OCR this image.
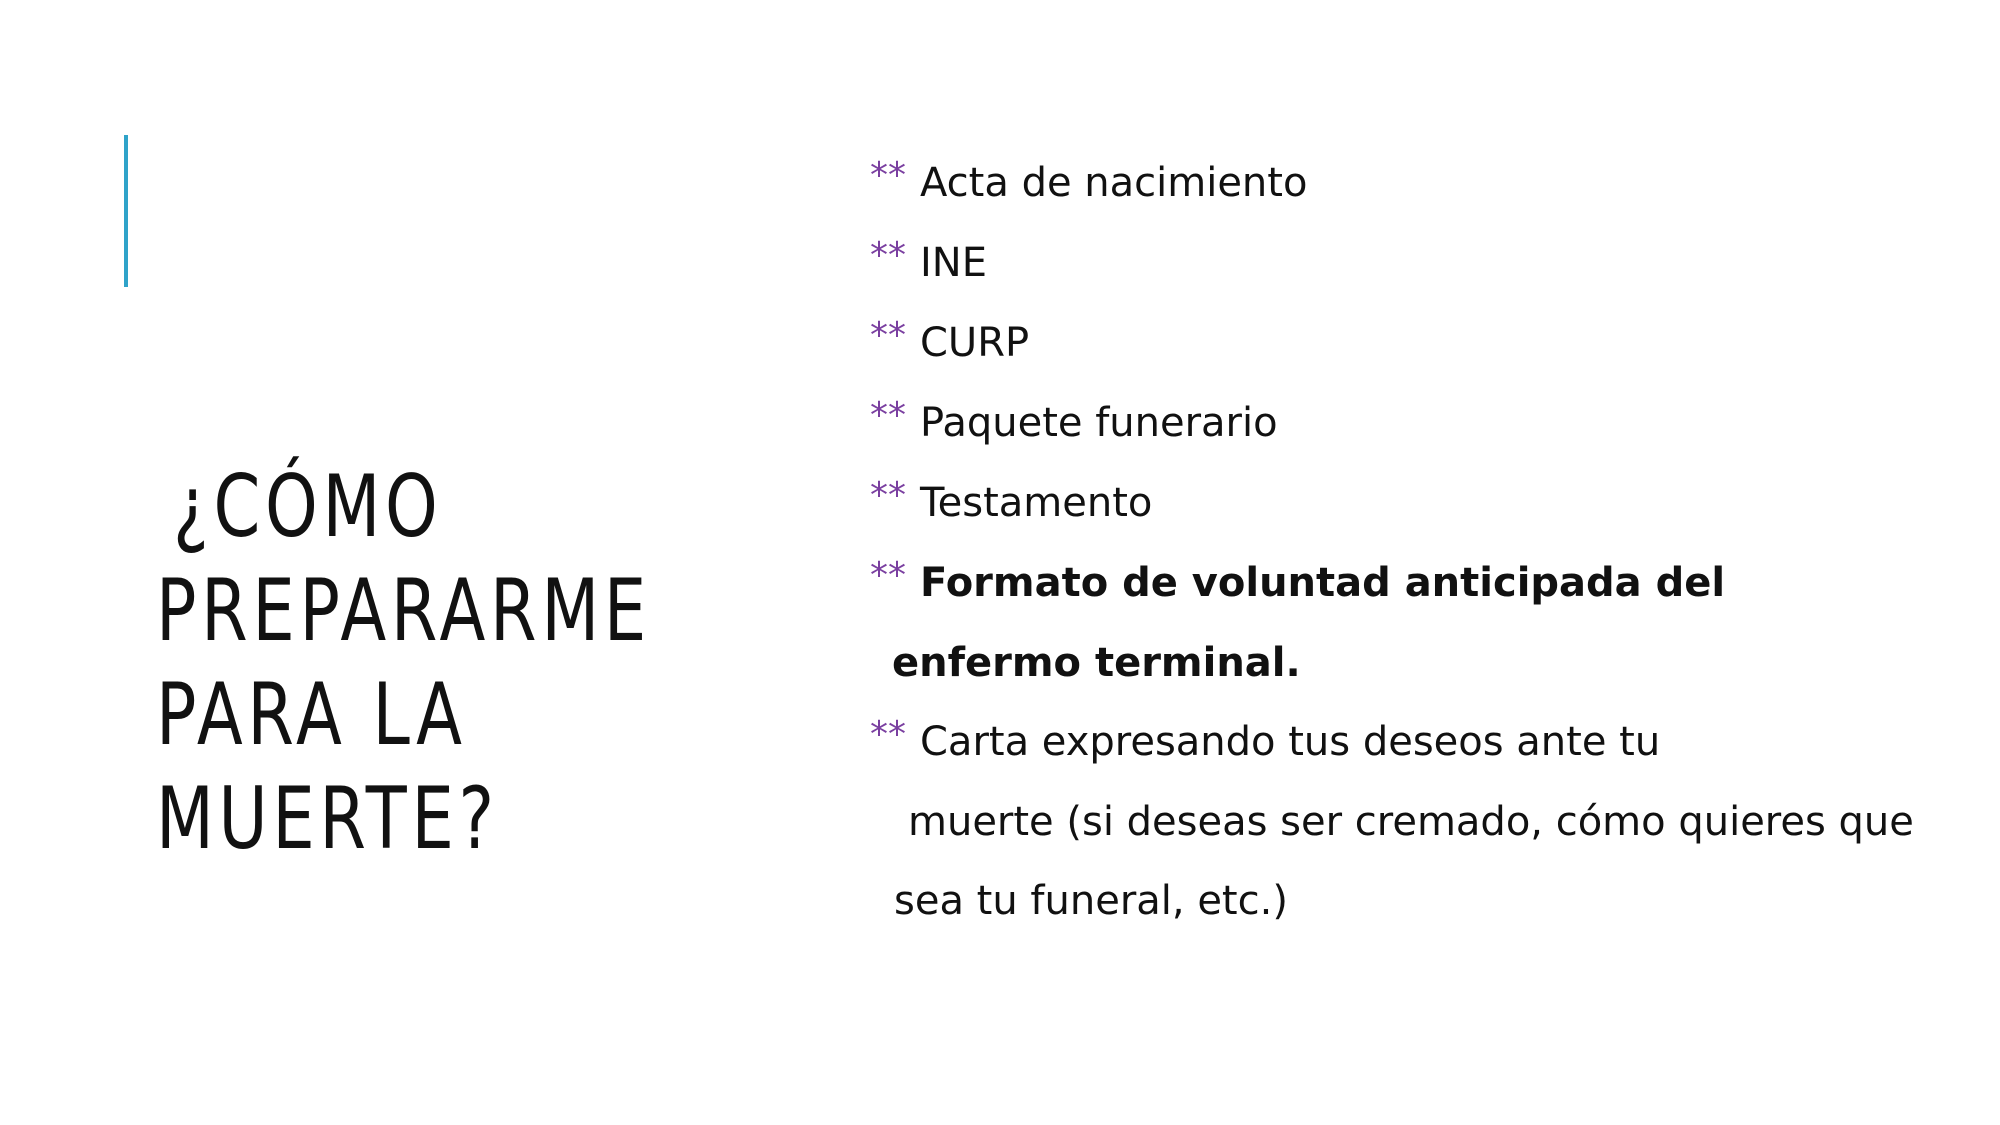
¿CÓMO
PREPARARME
PARA LA
MUERTE?
** Acta de nacimiento
** INE
** CURP
** Paquete funerario
** Testamento
** Formato de voluntad anticipada del
enfermo terminal.
** Carta expresando tus deseos ante tu
muerte (si deseas ser cremado, cómo quieres que
sea tu funeral, etc.)
